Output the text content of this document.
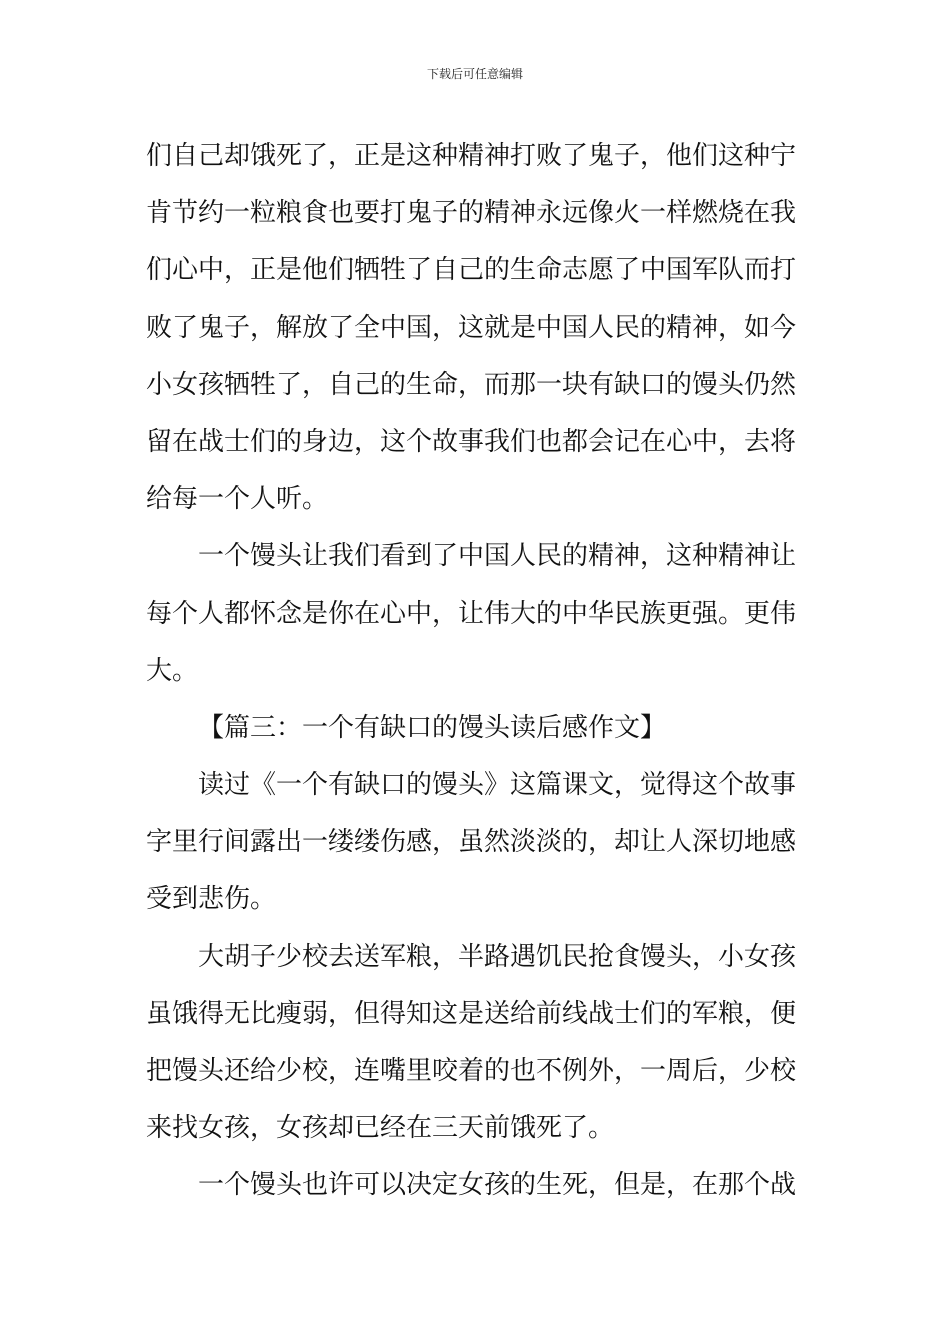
下载后可任意编辑
们自己却饿死了，正是这种精神打败了鬼子，他们这种宁
肯节约一粒粮食也要打鬼子的精神永远像火一样燃烧在我
们心中，正是他们牺牲了自己的生命志愿了中国军队而打
败了鬼子，解放了全中国，这就是中国人民的精神，如今
小女孩牺牲了，自己的生命，而那一块有缺口的馒头仍然
留在战士们的身边，这个故事我们也都会记在心中，去将
给每一个人听。
一个馒头让我们看到了中国人民的精神，这种精神让
每个人都怀念是你在心中，让伟大的中华民族更强。更伟
大。
【篇三：一个有缺口的馒头读后感作文】
读过《一个有缺口的馒头》这篇课文，觉得这个故事
字里行间露出一缕缕伤感，虽然淡淡的，却让人深切地感
受到悲伤。
大胡子少校去送军粮，半路遇饥民抢食馒头，小女孩
虽饿得无比瘦弱，但得知这是送给前线战士们的军粮，便
把馒头还给少校，连嘴里咬着的也不例外，一周后，少校
来找女孩，女孩却已经在三天前饿死了。
一个馒头也许可以决定女孩的生死，但是，在那个战
